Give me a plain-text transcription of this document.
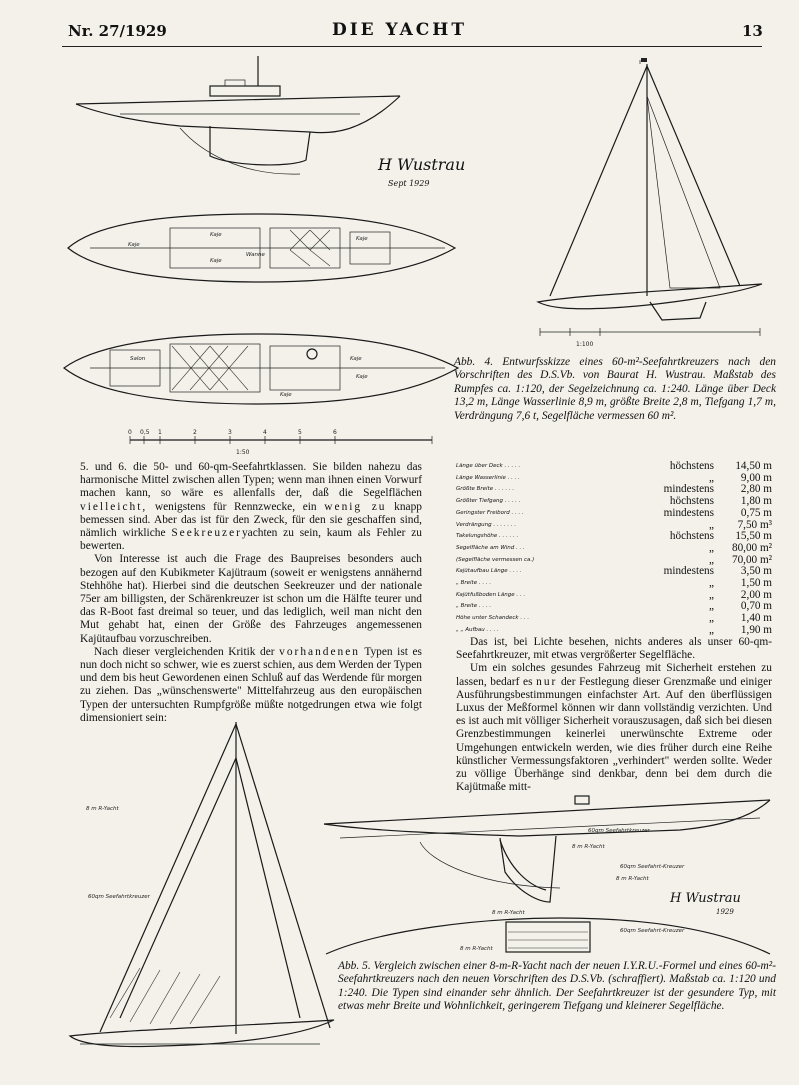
Nr. 27/1929	DIE YACHT	13
H Wustrau
Sept 1929
Kaje
Kaje
Kaje
Kaje
Wanne
Salon	Kaje
Kaje
Kaje
0 0,5 1	2	3	4	5	6
1:50
1:100
Abb. 4. Entwurfsskizze eines 60-m²-Seefahrtkreuzers nach den Vorschriften des D.S.Vb. von Baurat H. Wustrau. Maßstab des Rumpfes ca. 1:120, der Segelzeichnung ca. 1:240. Länge über Deck 13,2 m, Länge Wasserlinie 8,9 m, größte Breite 2,8 m, Tiefgang 1,7 m, Verdrängung 7,6 t, Segelfläche vermessen 60 m².

5. und 6. die 50- und 60-qm-Seefahrtklassen. Sie bilden nahezu das harmonische Mittel zwischen allen Typen; wenn man ihnen einen Vorwurf machen kann, so wäre es allenfalls der, daß die Segelflächen vielleicht, wenigstens für Rennzwecke, ein wenig zu knapp bemessen sind. Aber das ist für den Zweck, für den sie geschaffen sind, nämlich wirkliche Seekreuzeryachten zu sein, kaum als Fehler zu bewerten.

Von Interesse ist auch die Frage des Baupreises besonders auch bezogen auf den Kubikmeter Kajütraum (soweit er wenigstens annähernd Stehhöhe hat). Hierbei sind die deutschen Seekreuzer und der nationale 75er am billigsten, der Schärenkreuzer ist schon um die Hälfte teurer und das R-Boot fast dreimal so teuer, und das lediglich, weil man nicht den Mut gehabt hat, einen der Größe des Fahrzeuges angemessenen Kajütaufbau vorzuschreiben.

Nach dieser vergleichenden Kritik der vorhandenen Typen ist es nun doch nicht so schwer, wie es zuerst schien, aus dem Werden der Typen und dem bis heut Gewordenen einen Schluß auf das Werdende für morgen zu ziehen. Das „wünschenswerte" Mittelfahrzeug aus den europäischen Typen der untersuchten Rumpfgröße müßte notgedrungen etwa wie folgt dimensioniert sein:

Länge über Deck . . . . .	höchstens	14,50 m
Länge Wasserlinie . . . .	„	9,00 m
Größte Breite . . . . . .	mindestens	2,80 m
Größter Tiefgang . . . . .	höchstens	1,80 m
Geringster Freibord . . . .	mindestens	0,75 m
Verdrängung . . . . . . .	„	7,50 m³
Takelungshöhe . . . . . .	höchstens	15,50 m
Segelfläche am Wind . . .	„	80,00 m²
(Segelfläche vermessen ca.)	„	70,00 m²
Kajütaufbau Länge . . . .	mindestens	3,50 m
„ Breite . . . .	„	1,50 m
Kajütfußboden Länge . . .	„	2,00 m
„ Breite . . . .	„	0,70 m
Höhe unter Schandeck . . .	„	1,40 m
„ „ Aufbau . . . .	„	1,90 m

Das ist, bei Lichte besehen, nichts anderes als unser 60-qm-Seefahrtkreuzer, mit etwas vergrößerter Segelfläche.

Um ein solches gesundes Fahrzeug mit Sicherheit erstehen zu lassen, bedarf es nur der Festlegung dieser Grenzmaße und einiger Ausführungsbestimmungen einfachster Art. Auf den überflüssigen Luxus der Meßformel können wir dann vollständig verzichten. Und es ist auch mit völliger Sicherheit vorauszusagen, daß sich bei diesen Grenzbestimmungen keinerlei unerwünschte Extreme oder Umgehungen entwickeln werden, wie dies früher durch eine Reihe künstlicher Vermessungsfaktoren „verhindert" werden sollte. Weder zu völlige Überhänge sind denkbar, denn bei dem durch die Kajütmaße mitt-

8 m R-Yacht
60qm Seefahrtkreuzer
60qm Seefahrtkreuzer
8 m R-Yacht
60qm Seefahrt-Kreuzer
8 m R-Yacht
H Wustrau
1929
8 m R-Yacht
60qm Seefahrt-Kreuzer
8 m R-Yacht
Abb. 5. Vergleich zwischen einer 8-m-R-Yacht nach der neuen I.Y.R.U.-Formel und eines 60-m²-Seefahrtkreuzers nach den neuen Vorschriften des D.S.Vb. (schraffiert). Maßstab ca. 1:120 und 1:240. Die Typen sind einander sehr ähnlich. Der Seefahrtkreuzer ist der gesundere Typ, mit etwas mehr Breite und Wohnlichkeit, geringerem Tiefgang und kleinerer Segelfläche.
